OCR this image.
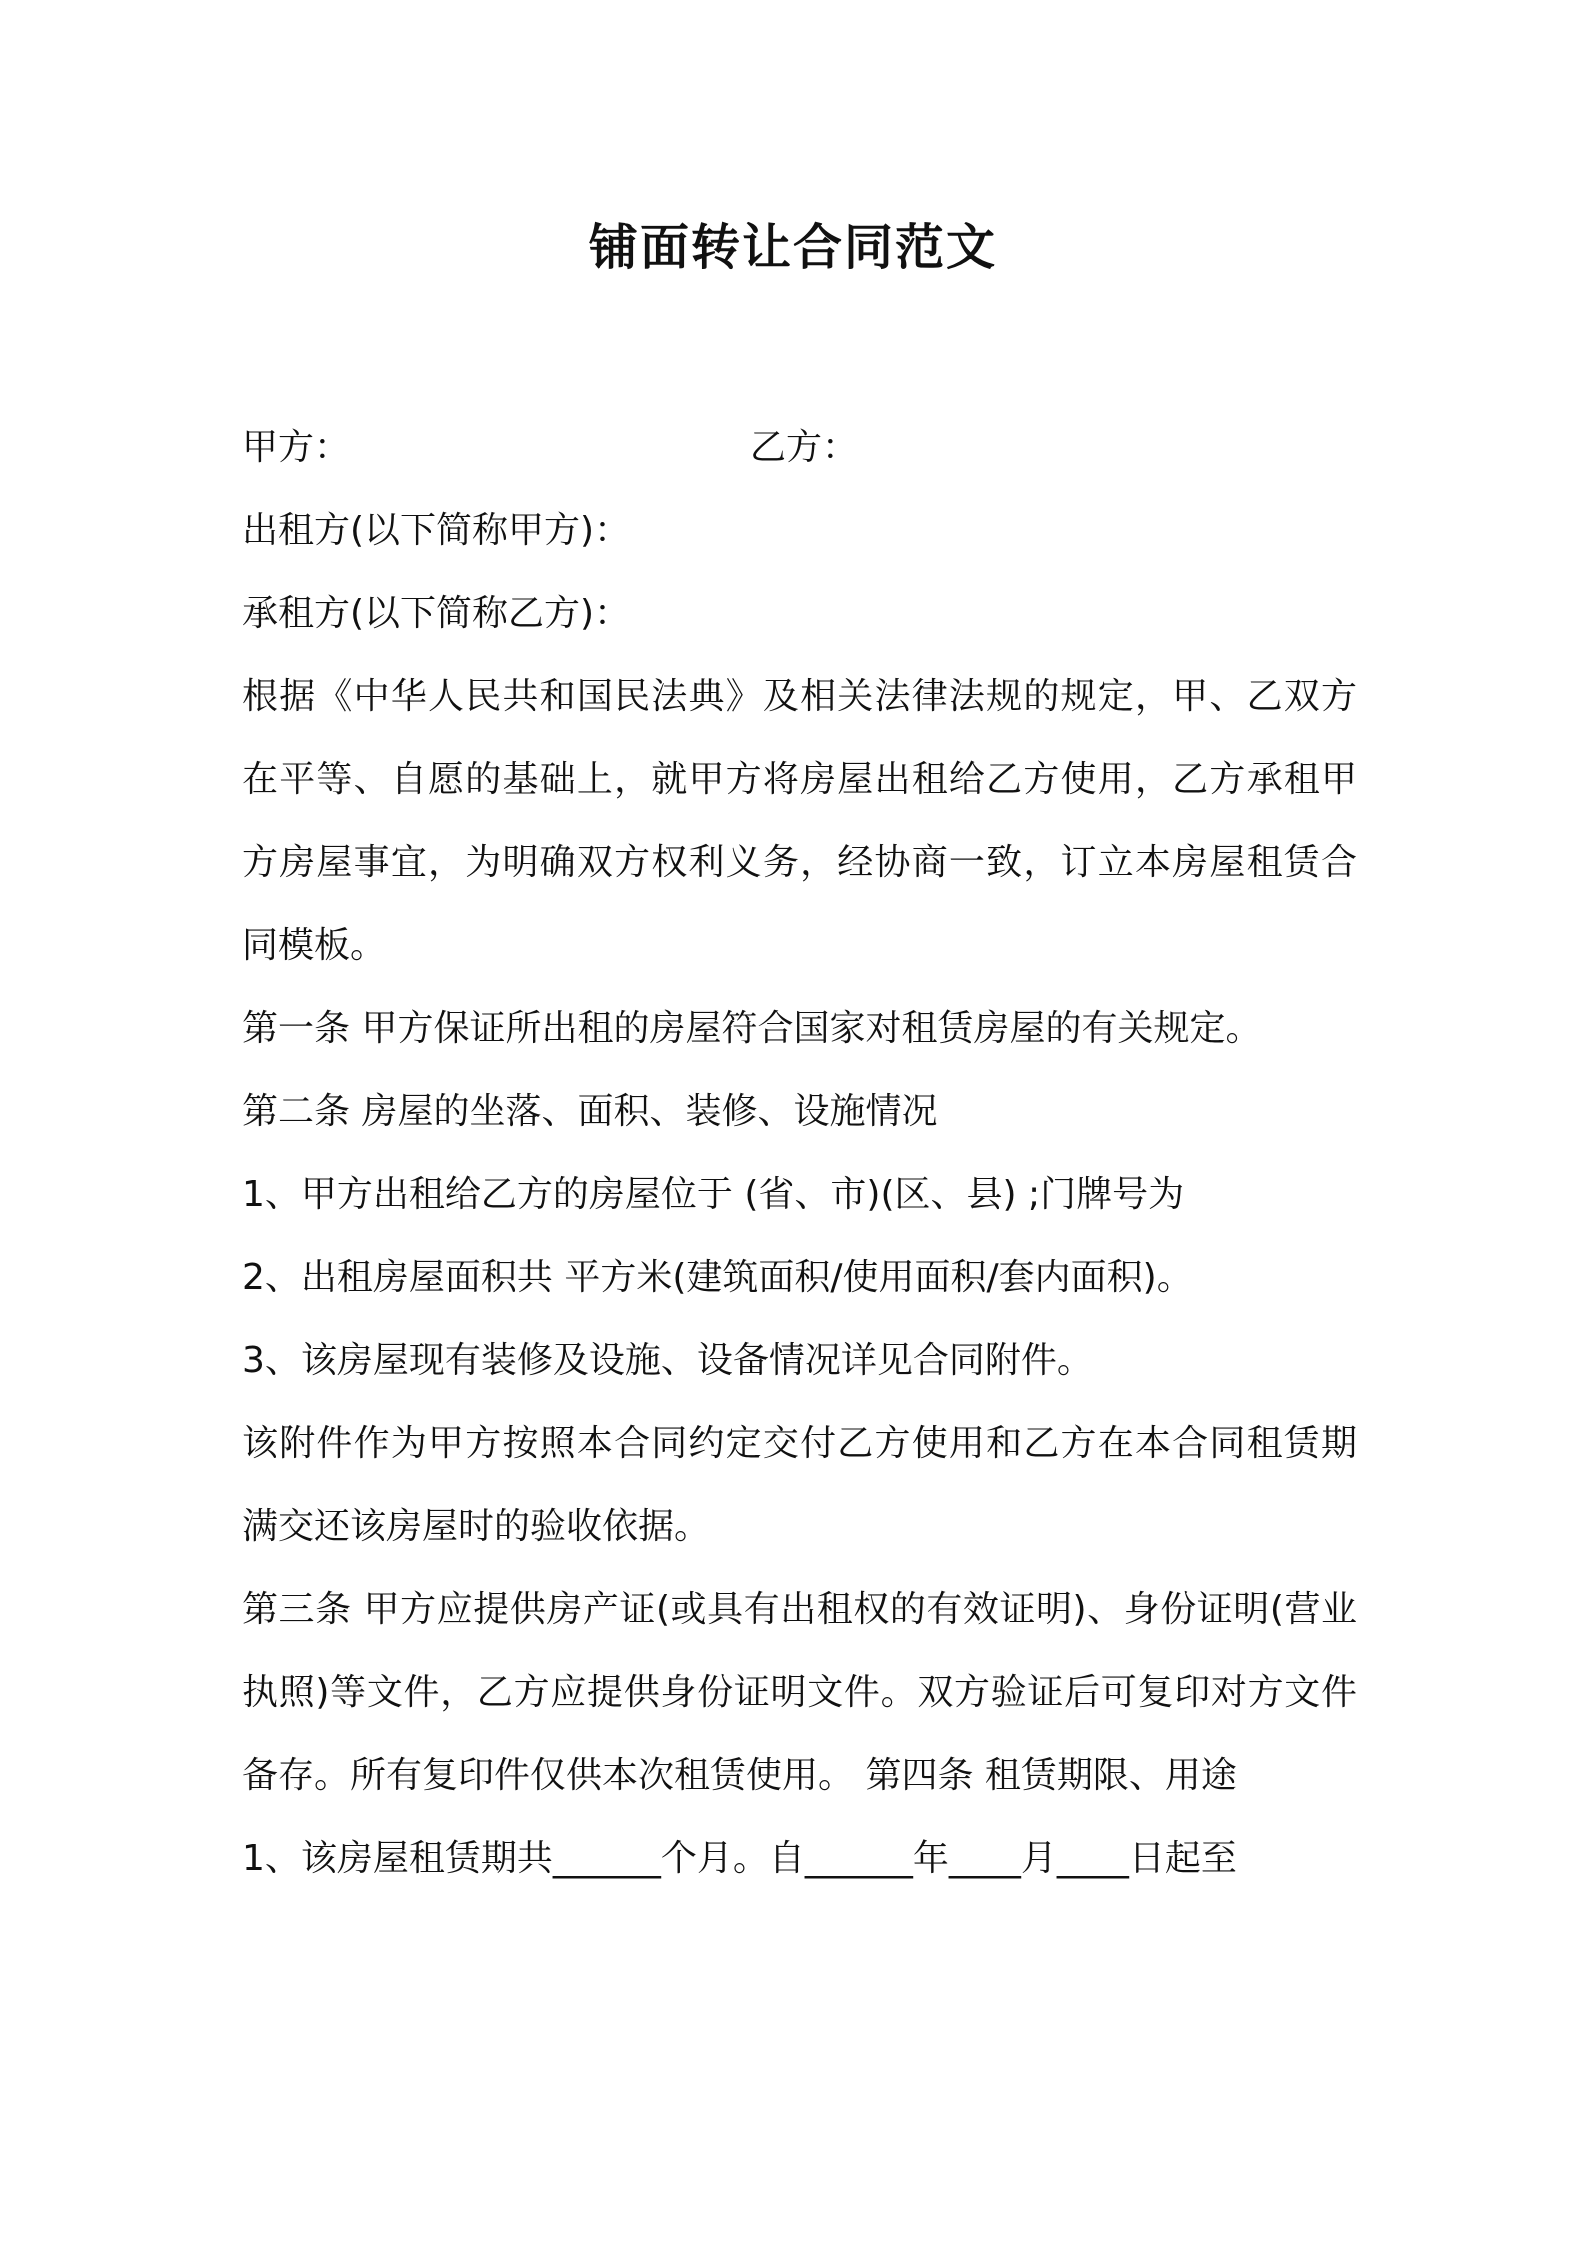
铺面转让合同范文
甲方：	乙方：

出租方(以下简称甲方)：

承租方(以下简称乙方)：

根据《中华人民共和国民法典》及相关法律法规的规定，甲、乙双方在平等、自愿的基础上，就甲方将房屋出租给乙方使用，乙方承租甲方房屋事宜，为明确双方权利义务，经协商一致，订立本房屋租赁合同模板。

第一条 甲方保证所出租的房屋符合国家对租赁房屋的有关规定。

第二条 房屋的坐落、面积、装修、设施情况

1、甲方出租给乙方的房屋位于 (省、市)(区、县) ;门牌号为

2、出租房屋面积共 平方米(建筑面积/使用面积/套内面积)。

3、该房屋现有装修及设施、设备情况详见合同附件。

该附件作为甲方按照本合同约定交付乙方使用和乙方在本合同租赁期满交还该房屋时的验收依据。

第三条 甲方应提供房产证(或具有出租权的有效证明)、身份证明(营业执照)等文件，乙方应提供身份证明文件。双方验证后可复印对方文件备存。所有复印件仅供本次租赁使用。 第四条 租赁期限、用途

1、该房屋租赁期共______个月。自______年____月____日起至
